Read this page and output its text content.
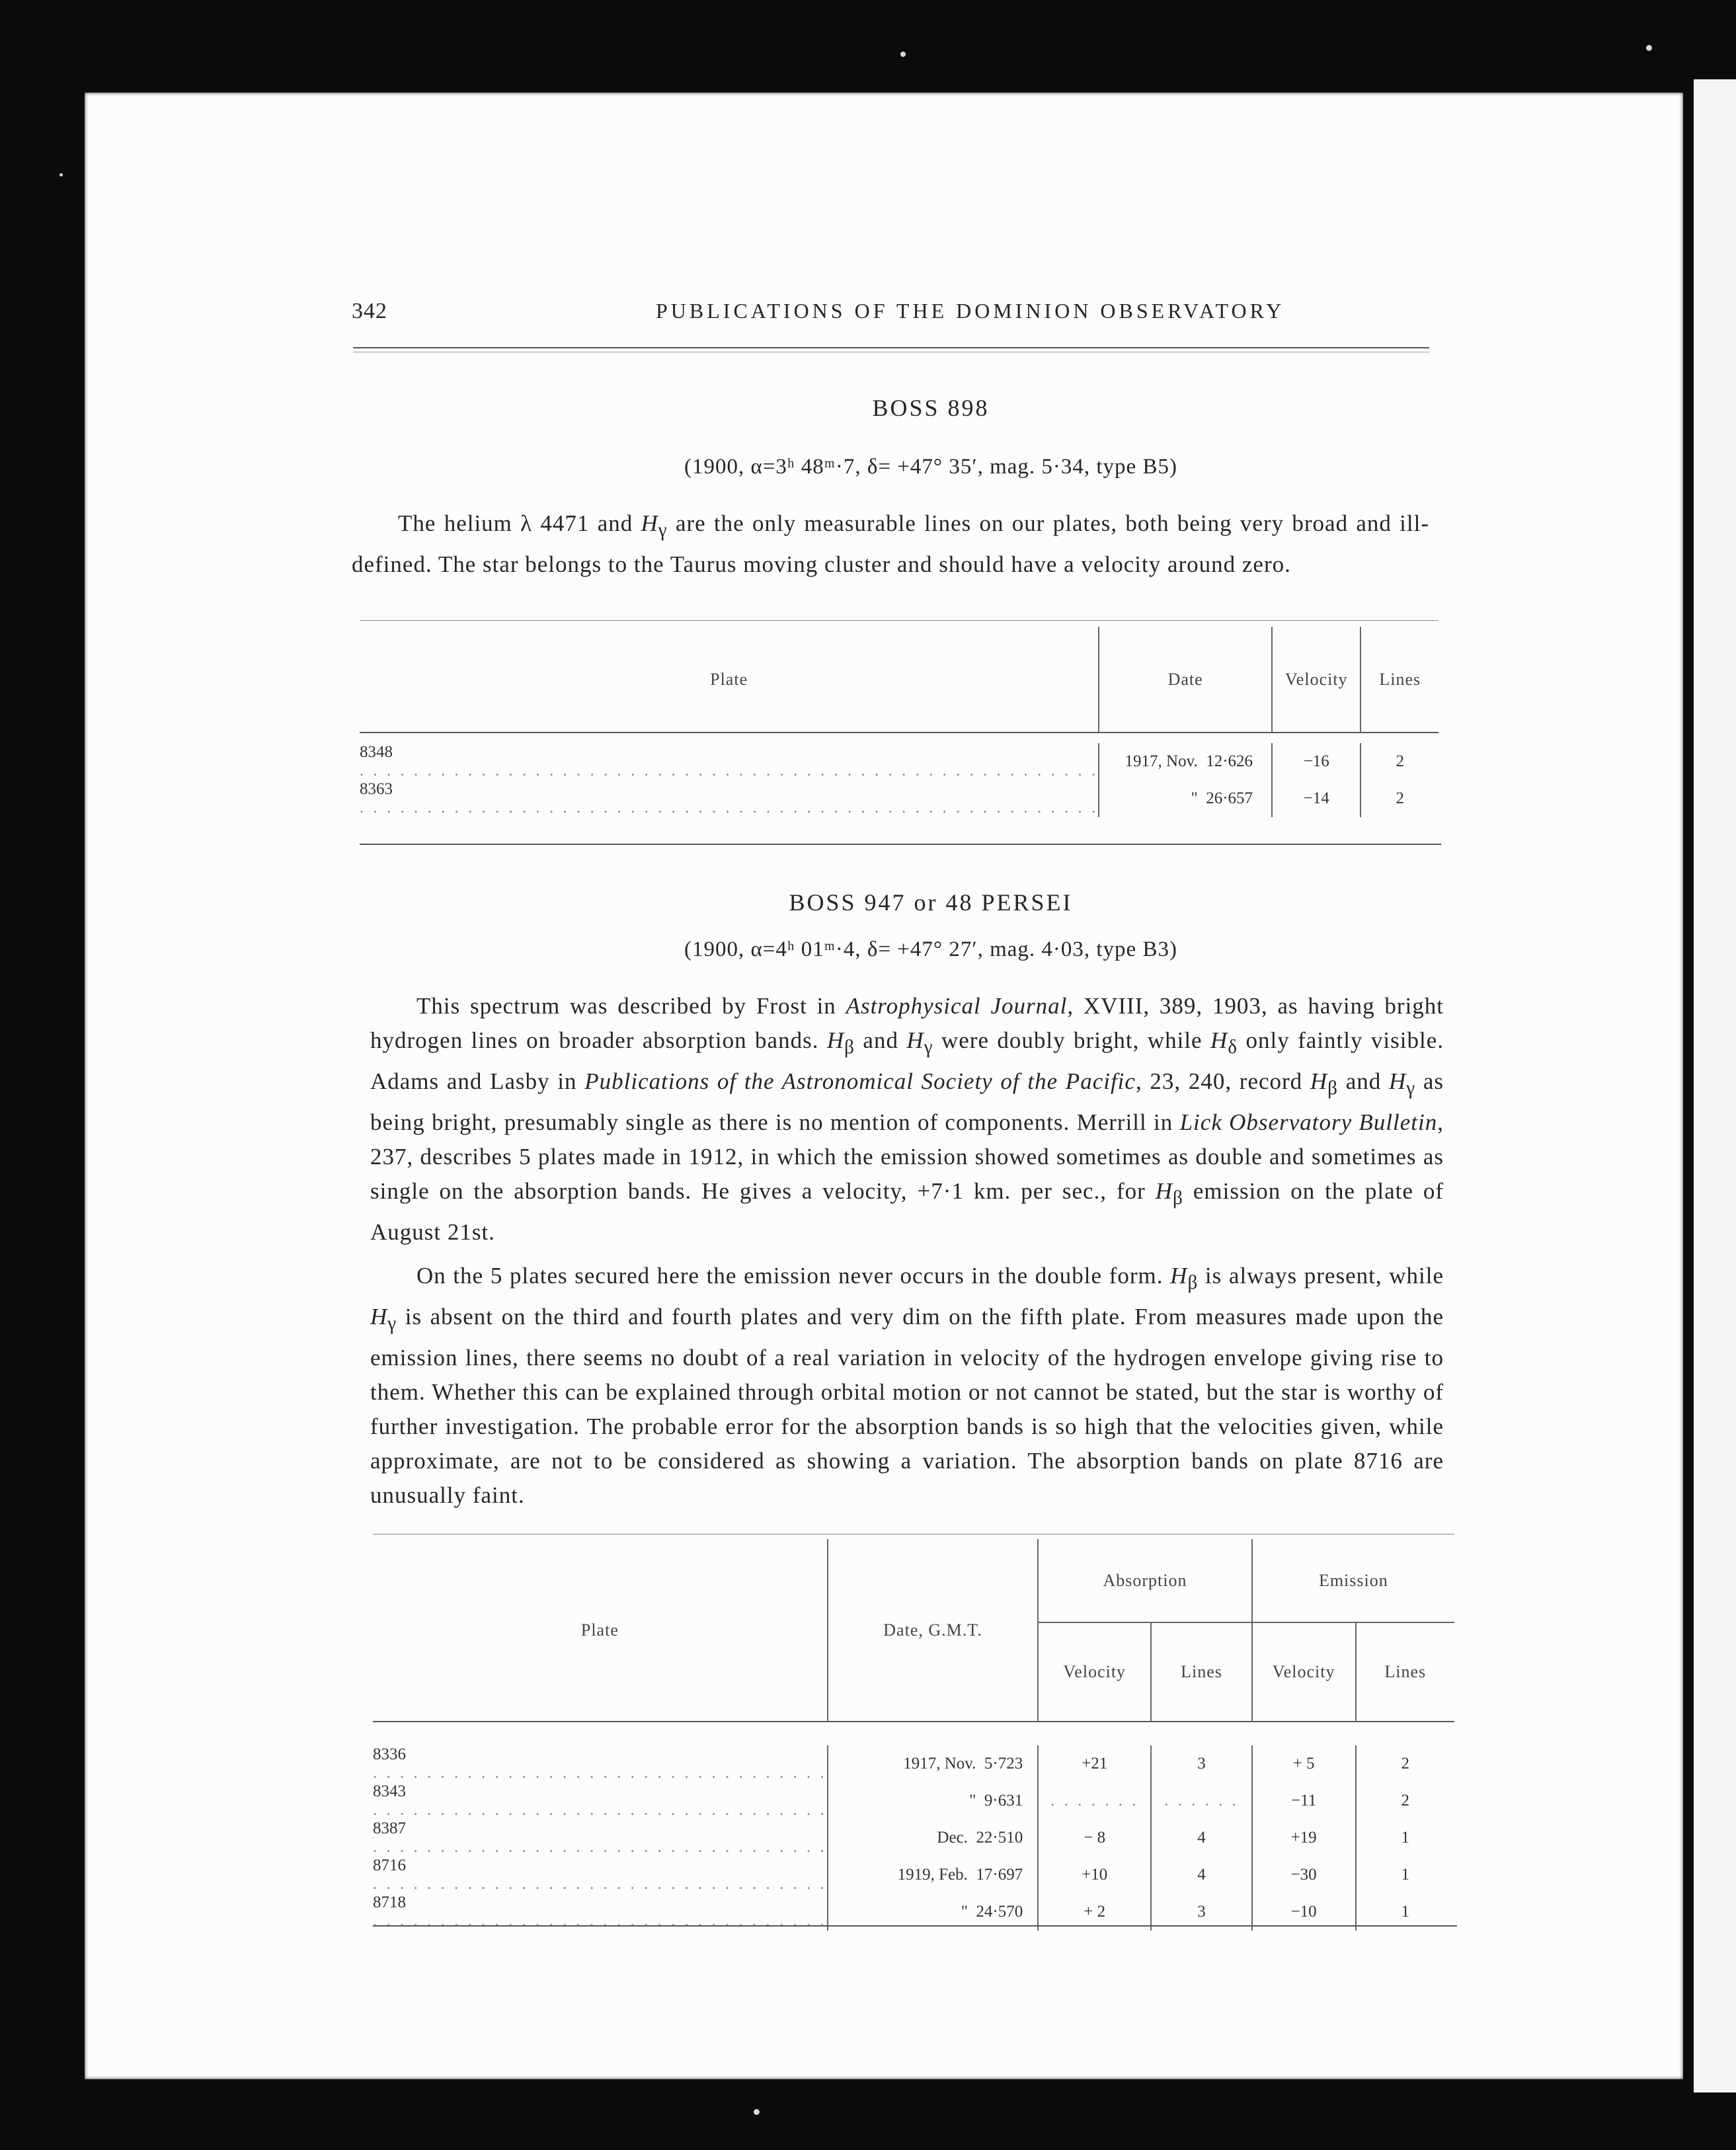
342	PUBLICATIONS OF THE DOMINION OBSERVATORY
BOSS 898
(1900, α=3ʰ 48ᵐ·7, δ= +47° 35′, mag. 5·34, type B5)
The helium λ 4471 and $H_\gamma$ are the only measurable lines on our plates, both being very broad and ill-defined. The star belongs to the Taurus moving cluster and should have a velocity around zero.
Plate	Date	Velocity	Lines

8348 . . . . . . . . . . . . . . . . . . . . . . . . . . . . . . . . . . . . . . . . . . . . . . . . . . . . . . .	1917, Nov. 12·626	−16	2
8363 . . . . . . . . . . . . . . . . . . . . . . . . . . . . . . . . . . . . . . . . . . . . . . . . . . . . . . .	" 26·657	−14	2
BOSS 947 or 48 PERSEI
(1900, α=4ʰ 01ᵐ·4, δ= +47° 27′, mag. 4·03, type B3)
This spectrum was described by Frost in Astrophysical Journal, XVIII, 389, 1903, as having bright hydrogen lines on broader absorption bands. $H_\beta$ and $H_\gamma$ were doubly bright, while $H_\delta$ only faintly visible. Adams and Lasby in Publications of the Astronomical Society of the Pacific, 23, 240, record $H_\beta$ and $H_\gamma$ as being bright, presumably single as there is no mention of components. Merrill in Lick Observatory Bulletin, 237, describes 5 plates made in 1912, in which the emission showed sometimes as double and sometimes as single on the absorption bands. He gives a velocity, +7·1 km. per sec., for $H_\beta$ emission on the plate of August 21st.
On the 5 plates secured here the emission never occurs in the double form. $H_\beta$ is always present, while $H_\gamma$ is absent on the third and fourth plates and very dim on the fifth plate. From measures made upon the emission lines, there seems no doubt of a real variation in velocity of the hydrogen envelope giving rise to them. Whether this can be explained through orbital motion or not cannot be stated, but the star is worthy of further investigation. The probable error for the absorption bands is so high that the velocities given, while approximate, are not to be considered as showing a variation. The absorption bands on plate 8716 are unusually faint.
Plate	Date, G.M.T.	Absorption		Emission	
		Velocity	Lines	Velocity	Lines

8336 . . . . . . . . . . . . . . . . . . . . . . . . . . . . . . . . . .	1917, Nov. 5·723	+21	3	+ 5	2
8343 . . . . . . . . . . . . . . . . . . . . . . . . . . . . . . . . . .	" 9·631	. . . . . . .	. . . . . .	−11	2
8387 . . . . . . . . . . . . . . . . . . . . . . . . . . . . . . . . . .	Dec. 22·510	− 8	4	+19	1
8716 . . . . . . . . . . . . . . . . . . . . . . . . . . . . . . . . . .	1919, Feb. 17·697	+10	4	−30	1
8718 . . . . . . . . . . . . . . . . . . . . . . . . . . . . . . . . . .	" 24·570	+ 2	3	−10	1
